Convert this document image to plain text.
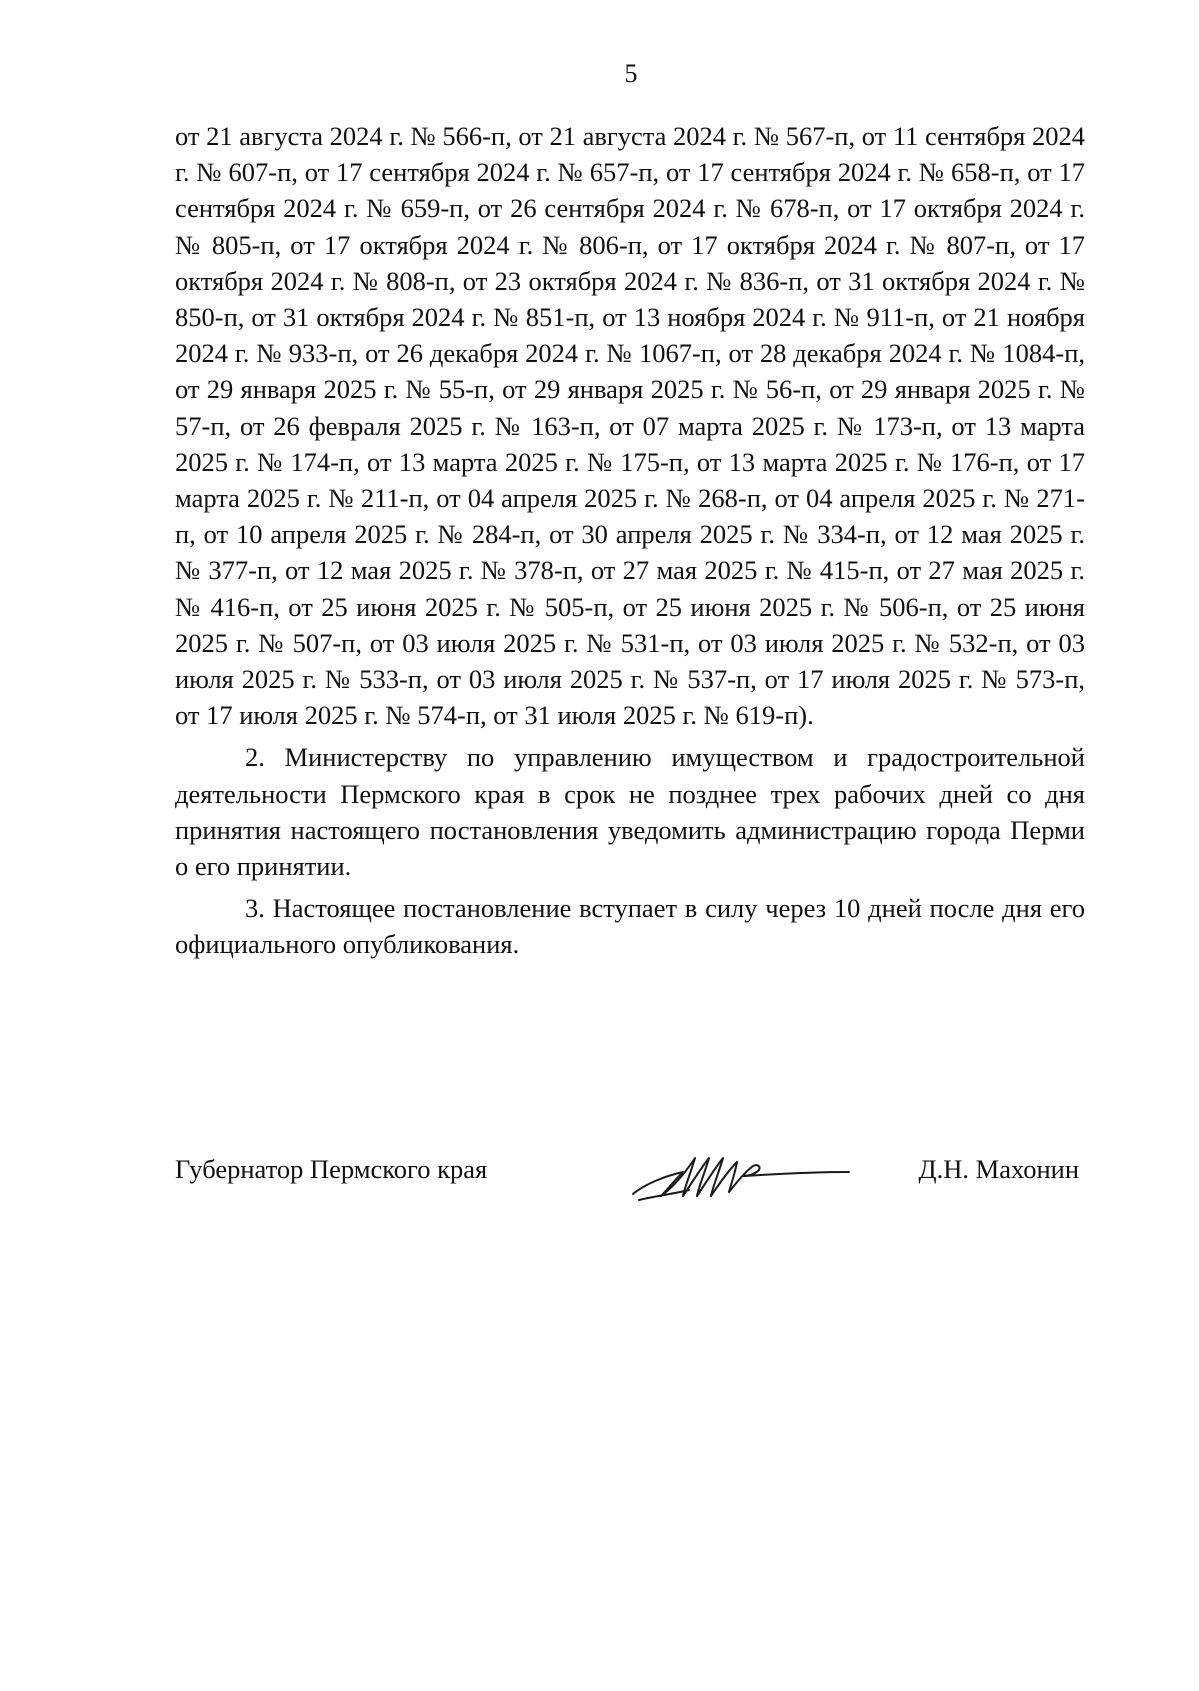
5

от 21 августа 2024 г. № 566-п, от 21 августа 2024 г. № 567-п, от 11 сентября 2024 г. № 607-п, от 17 сентября 2024 г. № 657-п, от 17 сентября 2024 г. № 658-п, от 17 сентября 2024 г. № 659-п, от 26 сентября 2024 г. № 678-п, от 17 октября 2024 г. № 805-п, от 17 октября 2024 г. № 806-п, от 17 октября 2024 г. № 807-п, от 17 октября 2024 г. № 808-п, от 23 октября 2024 г. № 836-п, от 31 октября 2024 г. № 850-п, от 31 октября 2024 г. № 851-п, от 13 ноября 2024 г. № 911-п, от 21 ноября 2024 г. № 933-п, от 26 декабря 2024 г. № 1067-п, от 28 декабря 2024 г. № 1084-п, от 29 января 2025 г. № 55-п, от 29 января 2025 г. № 56-п, от 29 января 2025 г. № 57-п, от 26 февраля 2025 г. № 163-п, от 07 марта 2025 г. № 173-п, от 13 марта 2025 г. № 174-п, от 13 марта 2025 г. № 175-п, от 13 марта 2025 г. № 176-п, от 17 марта 2025 г. № 211-п, от 04 апреля 2025 г. № 268-п, от 04 апреля 2025 г. № 271-п, от 10 апреля 2025 г. № 284-п, от 30 апреля 2025 г. № 334-п, от 12 мая 2025 г. № 377-п, от 12 мая 2025 г. № 378-п, от 27 мая 2025 г. № 415-п, от 27 мая 2025 г. № 416-п, от 25 июня 2025 г. № 505-п, от 25 июня 2025 г. № 506-п, от 25 июня 2025 г. № 507-п, от 03 июля 2025 г. № 531-п, от 03 июля 2025 г. № 532-п, от 03 июля 2025 г. № 533-п, от 03 июля 2025 г. № 537-п, от 17 июля 2025 г. № 573-п, от 17 июля 2025 г. № 574-п, от 31 июля 2025 г. № 619-п).

2. Министерству по управлению имуществом и градостроительной деятельности Пермского края в срок не позднее трех рабочих дней со дня принятия настоящего постановления уведомить администрацию города Перми о его принятии.

3. Настоящее постановление вступает в силу через 10 дней после дня его официального опубликования.

Губернатор Пермского края	Д.Н. Махонин
